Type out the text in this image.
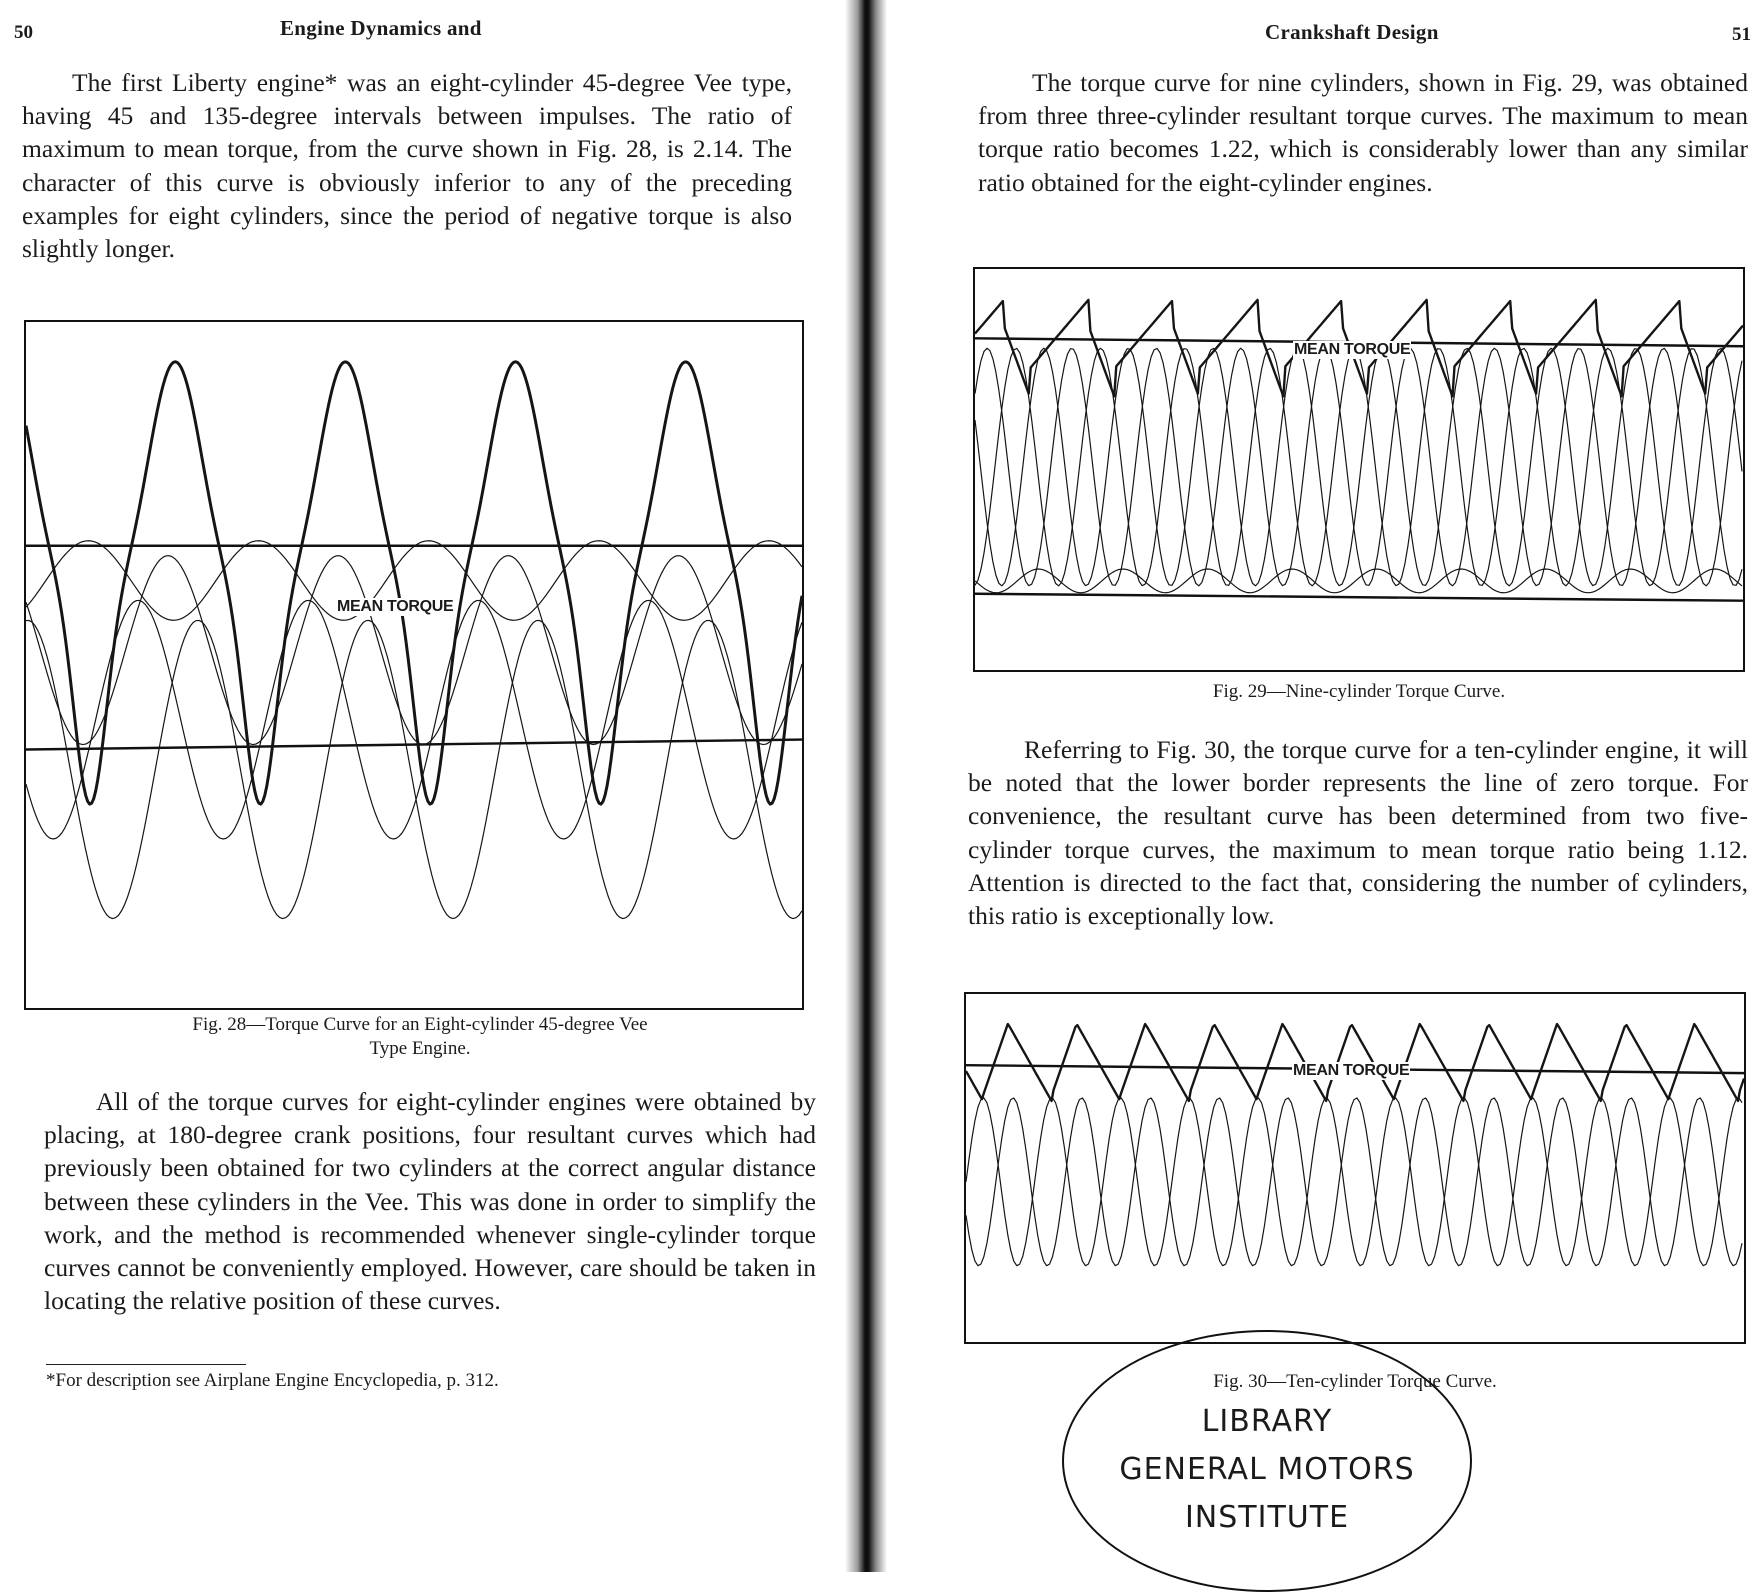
50	Engine Dynamics and

The first Liberty engine* was an eight-cylinder 45-degree Vee type, having 45 and 135-degree intervals between impulses. The ratio of maximum to mean torque, from the curve shown in Fig. 28, is 2.14. The character of this curve is obviously inferior to any of the preceding examples for eight cylinders, since the period of negative torque is also slightly longer.

MEAN TORQUE
Fig. 28—Torque Curve for an Eight-cylinder 45-degree Vee
Type Engine.

All of the torque curves for eight-cylinder engines were obtained by placing, at 180-degree crank positions, four resultant curves which had previously been obtained for two cylinders at the correct angular distance between these cylinders in the Vee. This was done in order to simplify the work, and the method is recommended whenever single-cylinder torque curves cannot be conveniently employed. However, care should be taken in locating the relative position of these curves.

*For description see Airplane Engine Encyclopedia, p. 312.
Crankshaft Design	51

The torque curve for nine cylinders, shown in Fig. 29, was obtained from three three-cylinder resultant torque curves. The maximum to mean torque ratio becomes 1.22, which is considerably lower than any similar ratio obtained for the eight-cylinder engines.

MEAN TORQUE
Fig. 29—Nine-cylinder Torque Curve.

Referring to Fig. 30, the torque curve for a ten-cylinder engine, it will be noted that the lower border represents the line of zero torque. For convenience, the resultant curve has been determined from two five-cylinder torque curves, the maximum to mean torque ratio being 1.12. Attention is directed to the fact that, considering the number of cylinders, this ratio is exceptionally low.

MEAN TORQUE
Fig. 30—Ten-cylinder Torque Curve.
LIBRARY
GENERAL MOTORS
INSTITUTE
